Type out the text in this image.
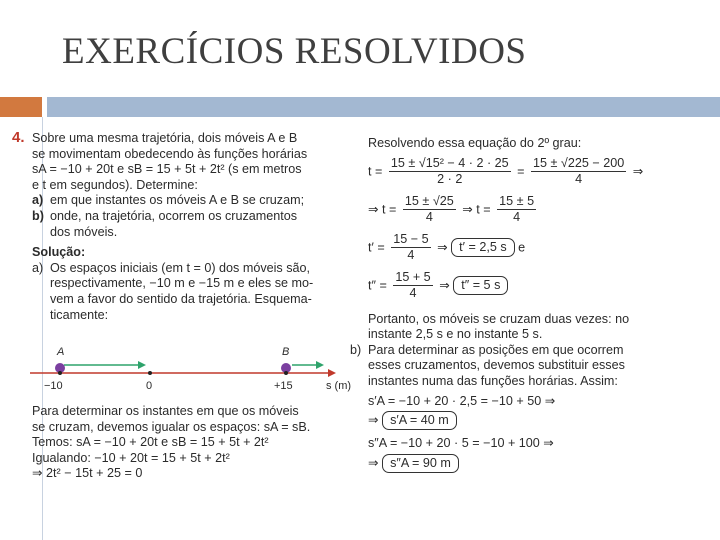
EXERCÍCIOS RESOLVIDOS
4. Sobre uma mesma trajetória, dois móveis A e B
se movimentam obedecendo às funções horárias
sA = −10 + 20t e sB = 15 + 5t + 2t² (s em metros
e t em segundos). Determine:
a) em que instantes os móveis A e B se cruzam;
b) onde, na trajetória, ocorrem os cruzamentos
dos móveis.
Solução:
a) Os espaços iniciais (em t = 0) dos móveis são,
respectivamente, −10 m e −15 m e eles se mo-
vem a favor do sentido da trajetória. Esquema-
ticamente:
A	B
−10	0	+15	s (m)
Para determinar os instantes em que os móveis
se cruzam, devemos igualar os espaços: sA = sB.
Temos: sA = −10 + 20t e sB = 15 + 5t + 2t²
Igualando: −10 + 20t = 15 + 5t + 2t²
⇒ 2t² − 15t + 25 = 0
Resolvendo essa equação do 2º grau:
$t = \frac{\text{15 ± √15² − 4 · 2 · 25}}{2 \cdot 2} = \frac{15 \pm √225 - 200}{4}$ ⇒
⇒ $t = \frac{15 \pm √25}{4}$ ⇒ $t = \frac{15 \pm 5}{4}$
$t' = \frac{15 - 5}{4}$ ⇒ t′ = 2,5 s e
$t'' = \frac{15 + 5}{4}$ ⇒ t″ = 5 s
Portanto, os móveis se cruzam duas vezes: no
instante 2,5 s e no instante 5 s.
b) Para determinar as posições em que ocorrem
esses cruzamentos, devemos substituir esses
instantes numa das funções horárias. Assim:
s′A = −10 + 20 · 2,5 = −10 + 50 ⇒
⇒ s′A = 40 m
s″A = −10 + 20 · 5 = −10 + 100 ⇒
⇒ s″A = 90 m
